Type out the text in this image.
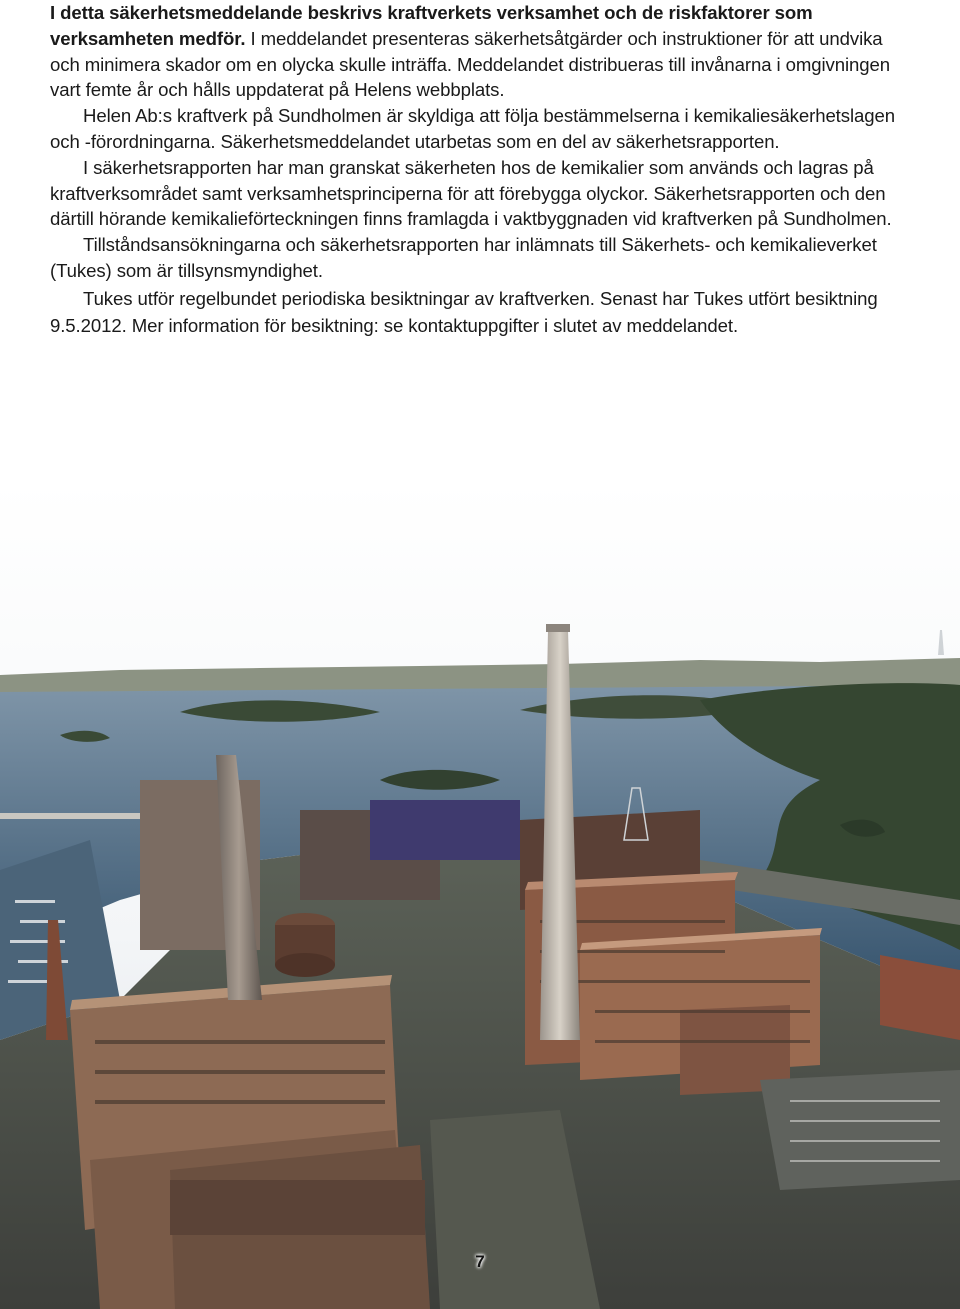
I detta säkerhetsmeddelande beskrivs kraftverkets verksamhet och de riskfaktorer som verksamheten medför. I meddelandet presenteras säkerhetsåtgärder och instruktioner för att undvika och minimera skador om en olycka skulle inträffa. Meddelandet distribueras till invånarna i omgivningen vart femte år och hålls uppdaterat på Helens webbplats.

Helen Ab:s kraftverk på Sundholmen är skyldiga att följa bestämmelserna i kemikaliesäkerhetslagen och -förordningarna. Säkerhetsmeddelandet utarbetas som en del av säkerhetsrapporten.

I säkerhetsrapporten har man granskat säkerheten hos de kemikalier som används och lagras på kraftverksområdet samt verksamhetsprinciperna för att förebygga olyckor. Säkerhetsrapporten och den därtill hörande kemikalieförteckningen finns framlagda i vaktbyggnaden vid kraftverken på Sundholmen.

Tillståndsansökningarna och säkerhetsrapporten har inlämnats till Säkerhets- och kemikalieverket (Tukes) som är tillsynsmyndighet.

Tukes utför regelbundet periodiska besiktningar av kraftverken. Senast har Tukes utfört besiktning 9.5.2012. Mer information för besiktning: se kontaktuppgifter i slutet av meddelandet.

7
